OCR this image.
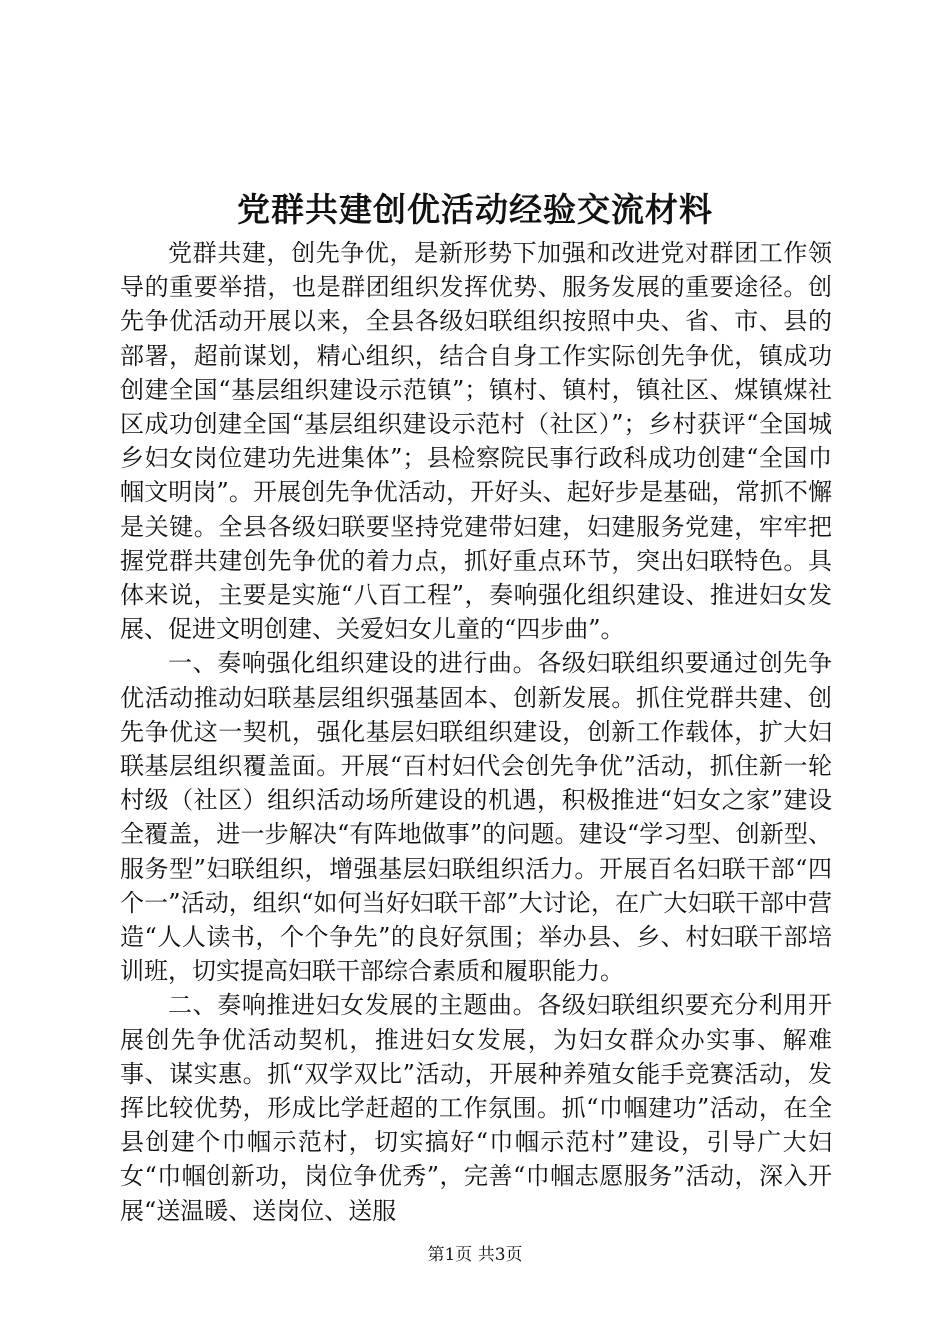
党群共建创优活动经验交流材料

党群共建，创先争优，是新形势下加强和改进党对群团工作领导的重要举措，也是群团组织发挥优势、服务发展的重要途径。创先争优活动开展以来，全县各级妇联组织按照中央、省、市、县的部署，超前谋划，精心组织，结合自身工作实际创先争优，镇成功创建全国“基层组织建设示范镇”；镇村、镇村，镇社区、煤镇煤社区成功创建全国“基层组织建设示范村（社区）”；乡村获评“全国城乡妇女岗位建功先进集体”；县检察院民事行政科成功创建“全国巾帼文明岗”。开展创先争优活动，开好头、起好步是基础，常抓不懈是关键。全县各级妇联要坚持党建带妇建，妇建服务党建，牢牢把握党群共建创先争优的着力点，抓好重点环节，突出妇联特色。具体来说，主要是实施“八百工程”，奏响强化组织建设、推进妇女发展、促进文明创建、关爱妇女儿童的“四步曲”。

一、奏响强化组织建设的进行曲。各级妇联组织要通过创先争优活动推动妇联基层组织强基固本、创新发展。抓住党群共建、创先争优这一契机，强化基层妇联组织建设，创新工作载体，扩大妇联基层组织覆盖面。开展“百村妇代会创先争优”活动，抓住新一轮村级（社区）组织活动场所建设的机遇，积极推进“妇女之家”建设全覆盖，进一步解决“有阵地做事”的问题。建设“学习型、创新型、服务型”妇联组织，增强基层妇联组织活力。开展百名妇联干部“四个一”活动，组织“如何当好妇联干部”大讨论，在广大妇联干部中营造“人人读书，个个争先”的良好氛围；举办县、乡、村妇联干部培训班，切实提高妇联干部综合素质和履职能力。

二、奏响推进妇女发展的主题曲。各级妇联组织要充分利用开展创先争优活动契机，推进妇女发展，为妇女群众办实事、解难事、谋实惠。抓“双学双比”活动，开展种养殖女能手竞赛活动，发挥比较优势，形成比学赶超的工作氛围。抓“巾帼建功”活动，在全县创建个巾帼示范村，切实搞好“巾帼示范村”建设，引导广大妇女“巾帼创新功，岗位争优秀”，完善“巾帼志愿服务”活动，深入开展“送温暖、送岗位、送服

第1页 共3页
